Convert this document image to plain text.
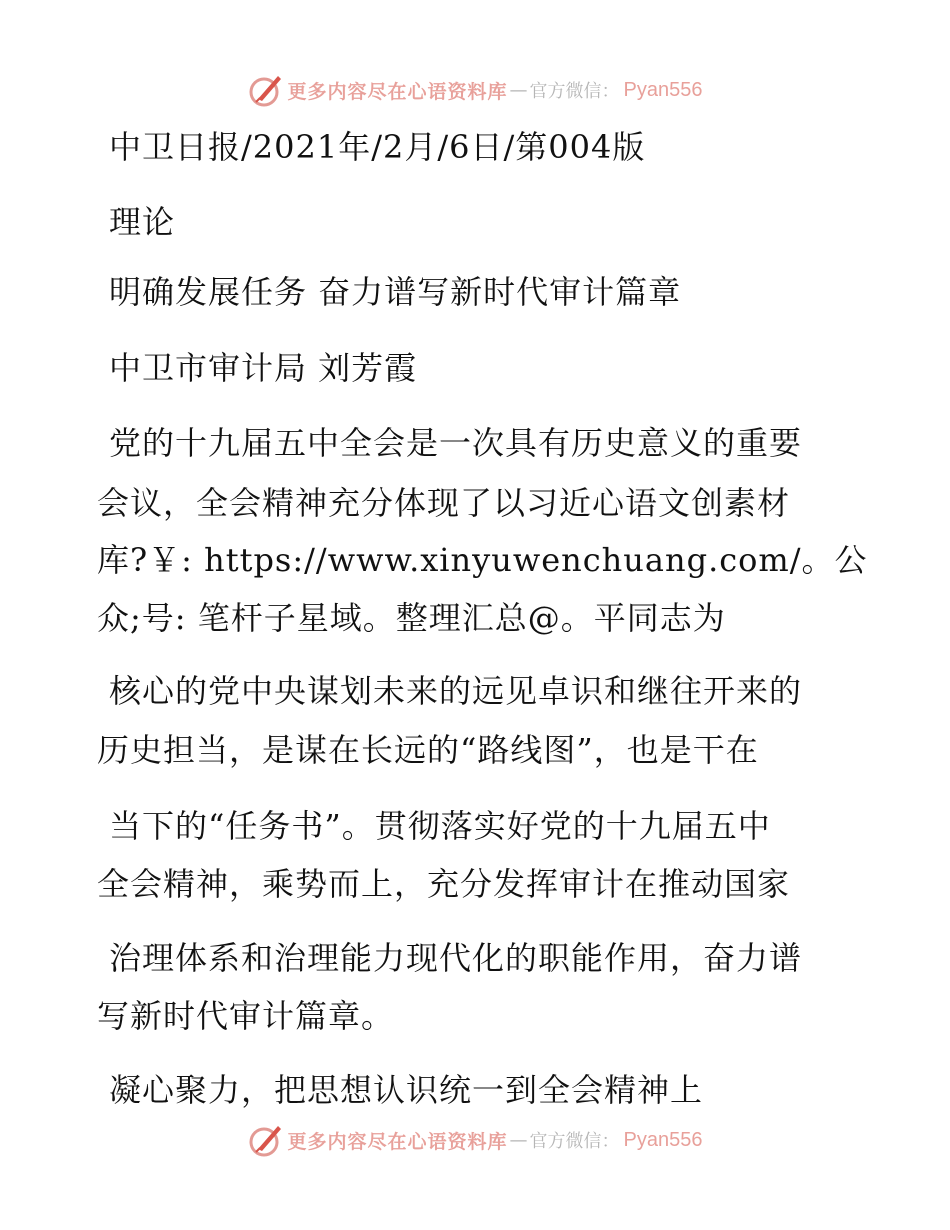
更多内容尽在心语资料库 — 官方微信： Pyan556
中卫日报/2021年/2月/6日/第004版
理论
明确发展任务 奋力谱写新时代审计篇章
中卫市审计局 刘芳霞
党的十九届五中全会是一次具有历史意义的重要
会议，全会精神充分体现了以习近心语文创素材
库?￥: https://www.xinyuwenchuang.com/。公
众;号: 笔杆子星域。整理汇总@。平同志为
核心的党中央谋划未来的远见卓识和继往开来的
历史担当，是谋在长远的“路线图”，也是干在
当下的“任务书”。贯彻落实好党的十九届五中
全会精神，乘势而上，充分发挥审计在推动国家
治理体系和治理能力现代化的职能作用，奋力谱
写新时代审计篇章。
凝心聚力，把思想认识统一到全会精神上
更多内容尽在心语资料库 — 官方微信： Pyan556
